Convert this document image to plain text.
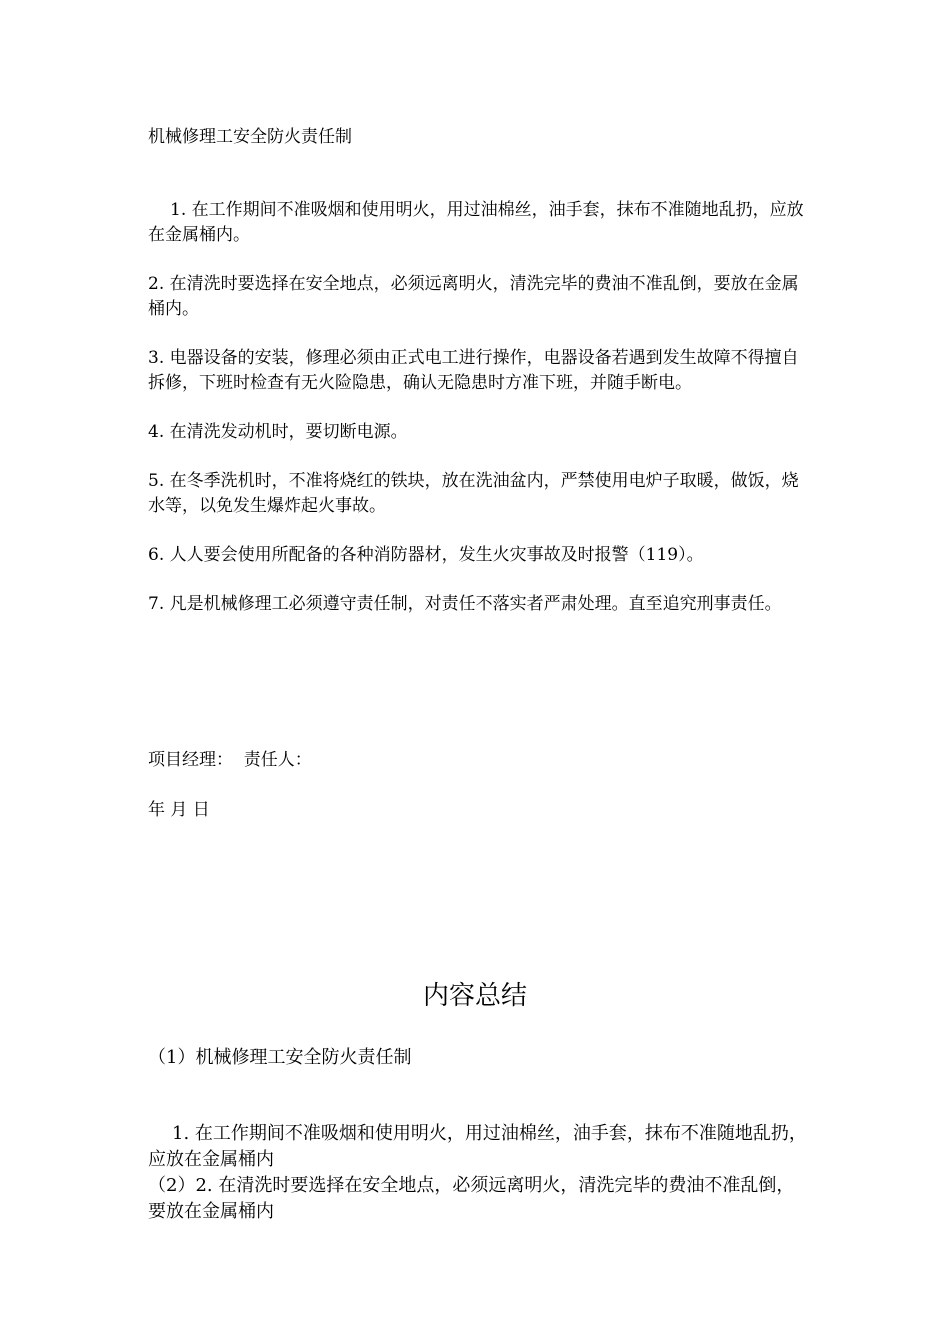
机械修理工安全防火责任制
1. 在工作期间不准吸烟和使用明火，用过油棉丝，油手套，抹布不准随地乱扔，应放在金属桶内。
2. 在清洗时要选择在安全地点，必须远离明火，清洗完毕的费油不准乱倒，要放在金属桶内。
3. 电器设备的安装，修理必须由正式电工进行操作，电器设备若遇到发生故障不得擅自拆修，下班时检查有无火险隐患，确认无隐患时方准下班，并随手断电。
4. 在清洗发动机时，要切断电源。
5. 在冬季洗机时，不准将烧红的铁块，放在洗油盆内，严禁使用电炉子取暖，做饭，烧水等，以免发生爆炸起火事故。
6. 人人要会使用所配备的各种消防器材，发生火灾事故及时报警（119）。
7. 凡是机械修理工必须遵守责任制，对责任不落实者严肃处理。直至追究刑事责任。

项目经理：  责任人：

年 月 日

内容总结

（1）机械修理工安全防火责任制

1. 在工作期间不准吸烟和使用明火，用过油棉丝，油手套，抹布不准随地乱扔，应放在金属桶内

（2）2. 在清洗时要选择在安全地点，必须远离明火，清洗完毕的费油不准乱倒，要放在金属桶内
